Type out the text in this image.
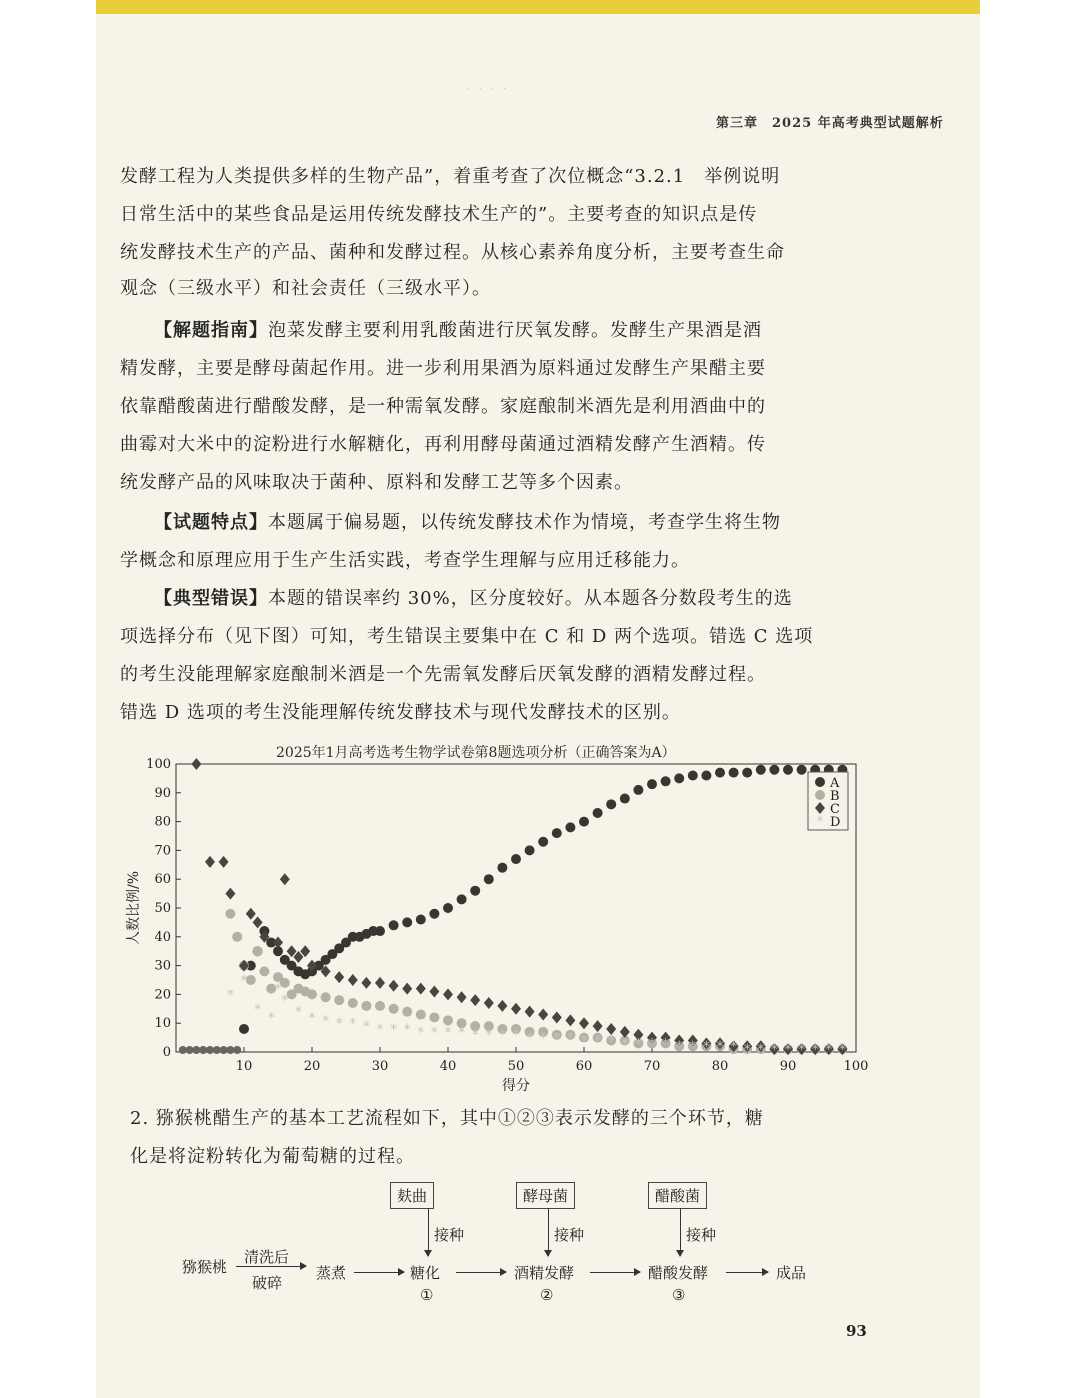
· · · ·
第三章　2025 年高考典型试题解析
发酵工程为人类提供多样的生物产品”，着重考查了次位概念“3.2.1　举例说明
日常生活中的某些食品是运用传统发酵技术生产的”。主要考查的知识点是传
统发酵技术生产的产品、菌种和发酵过程。从核心素养角度分析，主要考查生命
观念（三级水平）和社会责任（三级水平）。
【解题指南】泡菜发酵主要利用乳酸菌进行厌氧发酵。发酵生产果酒是酒
精发酵，主要是酵母菌起作用。进一步利用果酒为原料通过发酵生产果醋主要
依靠醋酸菌进行醋酸发酵，是一种需氧发酵。家庭酿制米酒先是利用酒曲中的
曲霉对大米中的淀粉进行水解糖化，再利用酵母菌通过酒精发酵产生酒精。传
统发酵产品的风味取决于菌种、原料和发酵工艺等多个因素。
【试题特点】本题属于偏易题，以传统发酵技术作为情境，考查学生将生物
学概念和原理应用于生产生活实践，考查学生理解与应用迁移能力。
【典型错误】本题的错误率约 30%，区分度较好。从本题各分数段考生的选
项选择分布（见下图）可知，考生错误主要集中在 C 和 D 两个选项。错选 C 选项
的考生没能理解家庭酿制米酒是一个先需氧发酵后厌氧发酵的酒精发酵过程。
错选 D 选项的考生没能理解传统发酵技术与现代发酵技术的区别。
2025年1月高考选考生物学试卷第8题选项分析（正确答案为A）
0
10
20
30
40
50
60
70
80
90
100
10	20	30	40	50	60	70	80	90	100
得分
人数比例/%
*
*
*
*
*
*
* * * * * * * * * * * * * * * * * * * * * * * * * * * * * * * * * * * * * * * * *
A
B
C
* D
2. 猕猴桃醋生产的基本工艺流程如下，其中①②③表示发酵的三个环节，糖
化是将淀粉转化为葡萄糖的过程。
麸曲	酵母菌	醋酸菌
接种	接种	接种
猕猴桃
清洗后
破碎
蒸煮	糖化	酒精发酵	醋酸发酵	成品
①	②	③
93
